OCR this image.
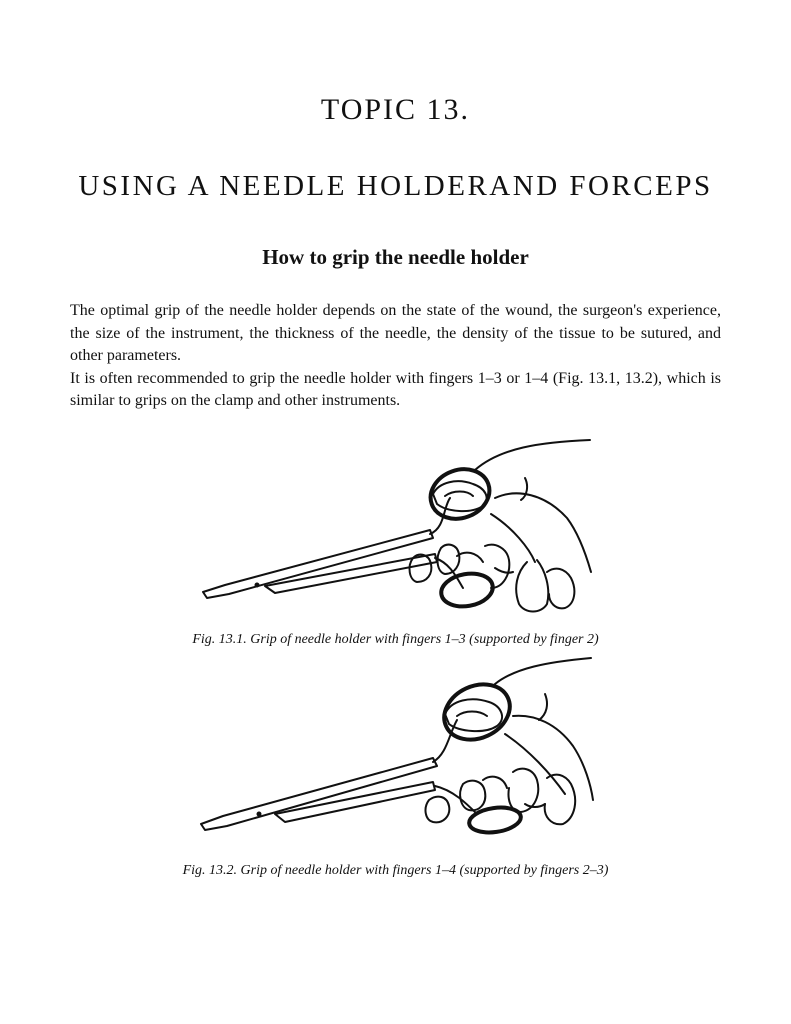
TOPIC 13.
USING A NEEDLE HOLDERAND FORCEPS
How to grip the needle holder

The optimal grip of the needle holder depends on the state of the wound, the surgeon's experience, the size of the instrument, the thickness of the needle, the density of the tissue to be sutured, and other parameters.

It is often recommended to grip the needle holder with fingers 1–3 or 1–4 (Fig. 13.1, 13.2), which is similar to grips on the clamp and other instruments.

Fig. 13.1. Grip of needle holder with fingers 1–3 (supported by finger 2)
Fig. 13.2. Grip of needle holder with fingers 1–4 (supported by fingers 2–3)
